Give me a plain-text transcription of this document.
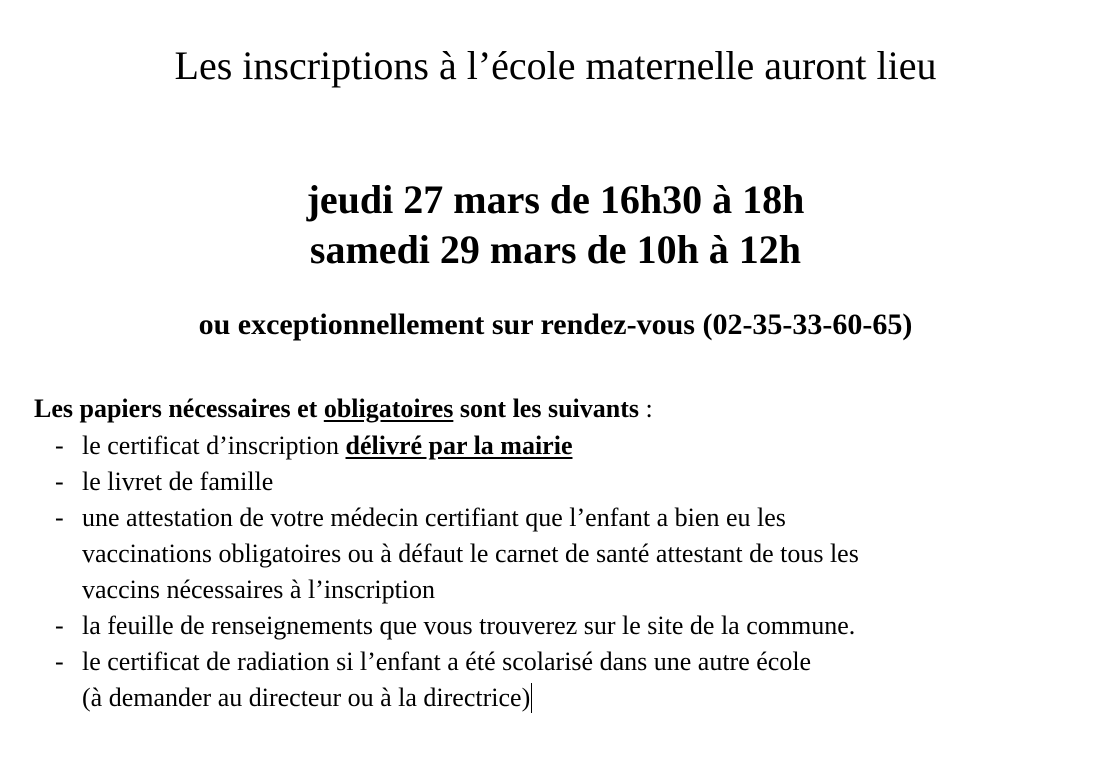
Les inscriptions à l’école maternelle auront lieu
jeudi 27 mars de 16h30 à 18h
samedi 29 mars de 10h à 12h
ou exceptionnellement sur rendez-vous (02-35-33-60-65)
Les papiers nécessaires et obligatoires sont les suivants :
- le certificat d’inscription délivré par la mairie
- le livret de famille
- une attestation de votre médecin certifiant que l’enfant a bien eu les
vaccinations obligatoires ou à défaut le carnet de santé attestant de tous les
vaccins nécessaires à l’inscription
- la feuille de renseignements que vous trouverez sur le site de la commune.
- le certificat de radiation si l’enfant a été scolarisé dans une autre école
(à demander au directeur ou à la directrice)
